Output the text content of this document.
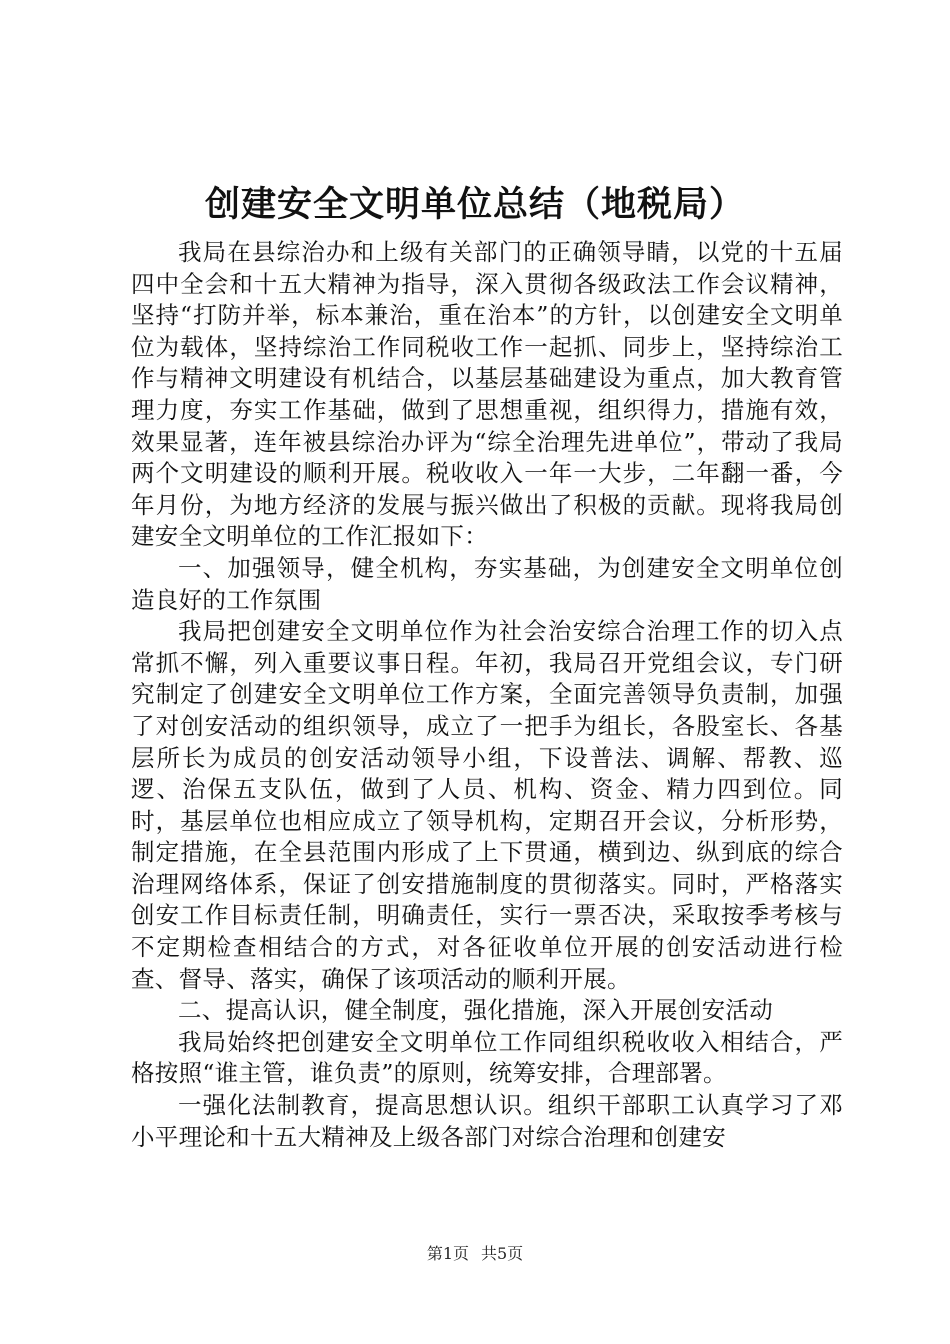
创建安全文明单位总结（地税局）

我局在县综治办和上级有关部门的正确领导睛，以党的十五届四中全会和十五大精神为指导，深入贯彻各级政法工作会议精神，坚持“打防并举，标本兼治，重在治本”的方针，以创建安全文明单位为载体，坚持综治工作同税收工作一起抓、同步上，坚持综治工作与精神文明建设有机结合，以基层基础建设为重点，加大教育管理力度，夯实工作基础，做到了思想重视，组织得力，措施有效，效果显著，连年被县综治办评为“综全治理先进单位”，带动了我局两个文明建设的顺利开展。税收收入一年一大步，二年翻一番，今年月份，为地方经济的发展与振兴做出了积极的贡献。现将我局创建安全文明单位的工作汇报如下：

一、加强领导，健全机构，夯实基础，为创建安全文明单位创造良好的工作氛围

我局把创建安全文明单位作为社会治安综合治理工作的切入点常抓不懈，列入重要议事日程。年初，我局召开党组会议，专门研究制定了创建安全文明单位工作方案，全面完善领导负责制，加强了对创安活动的组织领导，成立了一把手为组长，各股室长、各基层所长为成员的创安活动领导小组，下设普法、调解、帮教、巡逻、治保五支队伍，做到了人员、机构、资金、精力四到位。同时，基层单位也相应成立了领导机构，定期召开会议，分析形势，制定措施，在全县范围内形成了上下贯通，横到边、纵到底的综合治理网络体系，保证了创安措施制度的贯彻落实。同时，严格落实创安工作目标责任制，明确责任，实行一票否决，采取按季考核与不定期检查相结合的方式，对各征收单位开展的创安活动进行检查、督导、落实，确保了该项活动的顺利开展。

二、提高认识，健全制度，强化措施，深入开展创安活动

我局始终把创建安全文明单位工作同组织税收收入相结合，严格按照“谁主管，谁负责”的原则，统筹安排，合理部署。

一强化法制教育，提高思想认识。组织干部职工认真学习了邓小平理论和十五大精神及上级各部门对综合治理和创建安

第1页 共5页
